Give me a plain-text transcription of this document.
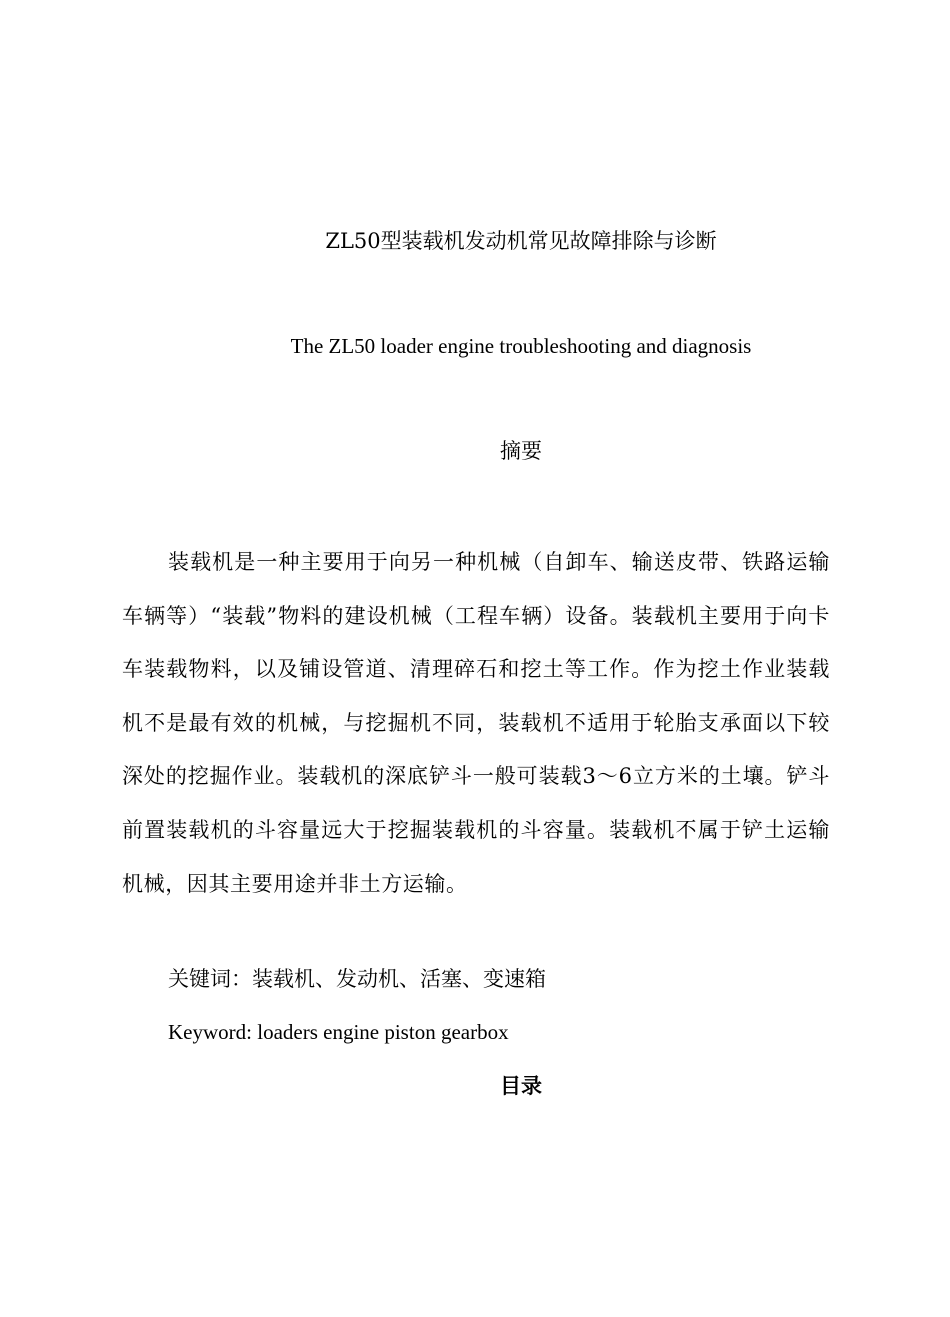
ZL50型装载机发动机常见故障排除与诊断
The ZL50 loader engine troubleshooting and diagnosis
摘要
装载机是一种主要用于向另一种机械（自卸车、输送皮带、铁路运输车辆等）“装载”物料的建设机械（工程车辆）设备。装载机主要用于向卡车装载物料，以及铺设管道、清理碎石和挖土等工作。作为挖土作业装载机不是最有效的机械，与挖掘机不同，装载机不适用于轮胎支承面以下较深处的挖掘作业。装载机的深底铲斗一般可装载3～6立方米的土壤。铲斗前置装载机的斗容量远大于挖掘装载机的斗容量。装载机不属于铲土运输机械，因其主要用途并非土方运输。
关键词：装载机、发动机、活塞、变速箱
Keyword: loaders engine piston gearbox
目录
